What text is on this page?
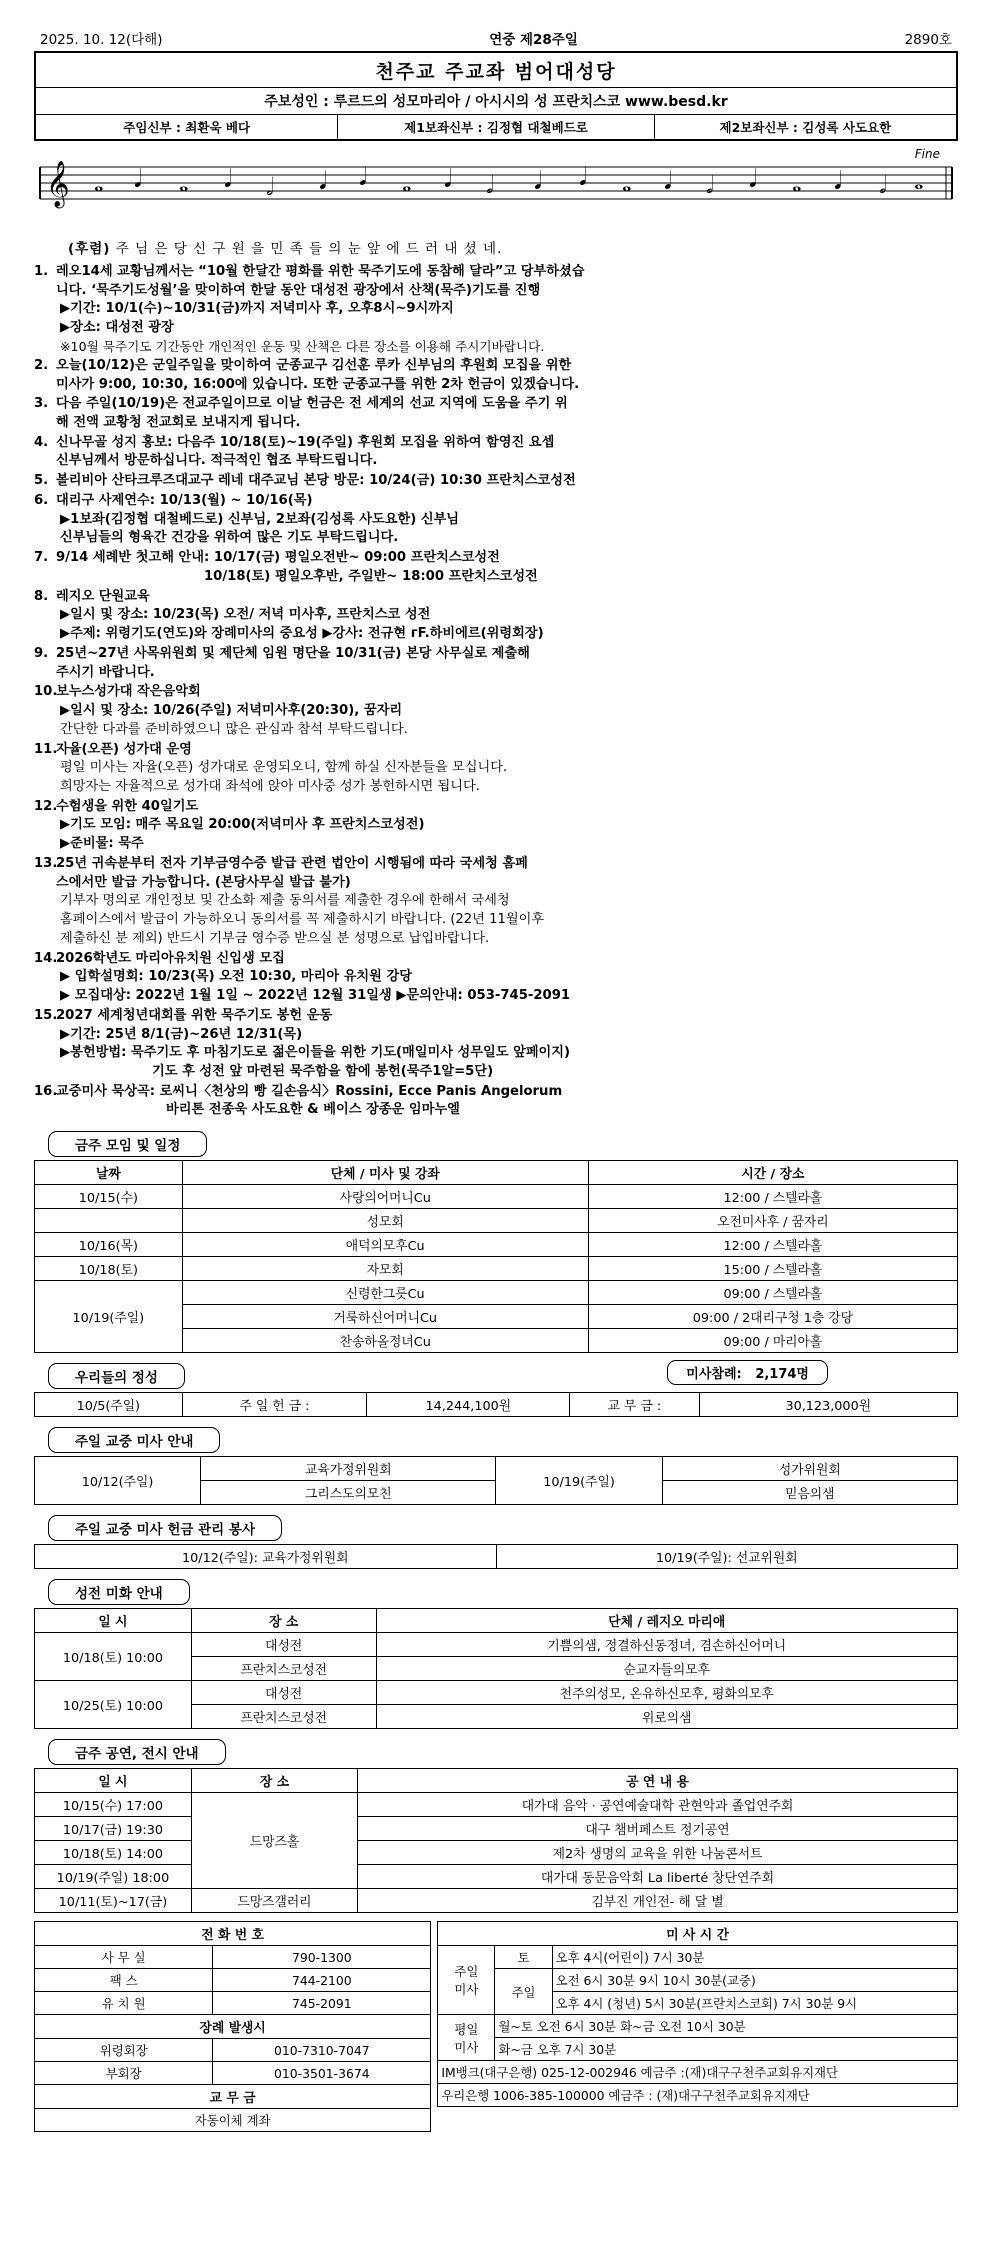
2025. 10. 12(다해)	연중 제28주일	2890호
천주교 주교좌 범어대성당
주보성인 : 루르드의 성모마리아 / 아시시의 성 프란치스코 www.besd.kr
주임신부 : 최환욱 베다	제1보좌신부 : 김정협 대철베드로	제2보좌신부 : 김성록 사도요한
Fine
𝄞 𝅝 𝅘𝅥 𝅝 𝅘𝅥 𝅗𝅥 𝅘𝅥 𝅘𝅥 𝅝 𝅘𝅥 𝅗𝅥 𝅘𝅥 𝅘𝅥 𝅝 𝅘𝅥 𝅗𝅥 𝅘𝅥 𝅝 𝅘𝅥 𝅗𝅥 𝅝
(후렴) 주 님 은 당 신 구 원 을 민 족 들 의 눈 앞 에 드 러 내 셨 네.
1. 레오14세 교황님께서는 “10월 한달간 평화를 위한 묵주기도에 동참해 달라”고 당부하셨습
니다. ‘묵주기도성월’을 맞이하여 한달 동안 대성전 광장에서 산책(묵주)기도를 진행
▶기간: 10/1(수)~10/31(금)까지 저녁미사 후, 오후8시~9시까지
▶장소: 대성전 광장
※10월 묵주기도 기간동안 개인적인 운동 및 산책은 다른 장소를 이용해 주시기바랍니다.
2. 오늘(10/12)은 군일주일을 맞이하여 군종교구 김선훈 루카 신부님의 후원회 모집을 위한
미사가 9:00, 10:30, 16:00에 있습니다. 또한 군종교구를 위한 2차 헌금이 있겠습니다.
3. 다음 주일(10/19)은 전교주일이므로 이날 헌금은 전 세계의 선교 지역에 도움을 주기 위
해 전액 교황청 전교회로 보내지게 됩니다.
4. 신나무골 성지 홍보: 다음주 10/18(토)~19(주일) 후원회 모집을 위하여 함영진 요셉
신부님께서 방문하십니다. 적극적인 협조 부탁드립니다.
5. 볼리비아 산타크루즈대교구 레네 대주교님 본당 방문: 10/24(금) 10:30 프란치스코성전
6. 대리구 사제연수: 10/13(월) ~ 10/16(목)
▶1보좌(김정협 대철베드로) 신부님, 2보좌(김성록 사도요한) 신부님
신부님들의 형육간 건강을 위하여 많은 기도 부탁드립니다.
7. 9/14 세례반 첫고해 안내: 10/17(금) 평일오전반~ 09:00 프란치스코성전
10/18(토) 평일오후반, 주일반~ 18:00 프란치스코성전
8. 레지오 단원교육
▶일시 및 장소: 10/23(목) 오전/ 저녁 미사후, 프란치스코 성전
▶주제: 위령기도(연도)와 장례미사의 중요성 ▶강사: 전규현 гF.하비에르(위령회장)
9. 25년~27년 사목위원회 및 제단체 임원 명단을 10/31(금) 본당 사무실로 제출해
주시기 바랍니다.
10.
보누스성가대 작은음악회
▶일시 및 장소: 10/26(주일) 저녁미사후(20:30), 꿈자리
간단한 다과를 준비하였으니 많은 관심과 참석 부탁드립니다.
11.
자율(오픈) 성가대 운영
평일 미사는 자율(오픈) 성가대로 운영되오니, 함께 하실 신자분들을 모십니다.
희망자는 자율적으로 성가대 좌석에 앉아 미사중 성가 봉헌하시면 됩니다.
12.
수험생을 위한 40일기도
▶기도 모임: 매주 목요일 20:00(저녁미사 후 프란치스코성전)
▶준비물: 묵주
13.
25년 귀속분부터 전자 기부금영수증 발급 관련 법안이 시행됨에 따라 국세청 홈페
스에서만 발급 가능합니다. (본당사무실 발급 불가)
기부자 명의로 개인정보 및 간소화 제출 동의서를 제출한 경우에 한해서 국세청
홈페이스에서 발급이 가능하오니 동의서를 꼭 제출하시기 바랍니다. (22년 11월이후
제출하신 분 제외) 반드시 기부금 영수증 받으실 분 성명으로 납입바랍니다.
14.
2026학년도 마리아유치원 신입생 모집
▶ 입학설명회: 10/23(목) 오전 10:30, 마리아 유치원 강당
▶ 모집대상: 2022년 1월 1일 ~ 2022년 12월 31일생 ▶문의안내: 053-745-2091
15.
2027 세계청년대회를 위한 묵주기도 봉헌 운동
▶기간: 25년 8/1(금)~26년 12/31(목)
▶봉헌방법: 묵주기도 후 마침기도로 젊은이들을 위한 기도(매일미사 성무일도 앞페이지)
기도 후 성전 앞 마련된 묵주함을 함에 봉헌(묵주1알=5단)
16.
교중미사 묵상곡: 로씨니〈천상의 빵 길손음식〉Rossini, Ecce Panis Angelorum
바리톤 전종욱 사도요한 & 베이스 장종운 임마누엘
금주 모임 및 일정
날짜	단체 / 미사 및 강좌	시간 / 장소
10/15(수)	사랑의어머니Cu	12:00 / 스텔라홀
	성모회	오전미사후 / 꿈자리
10/16(목)	애덕의모후Cu	12:00 / 스텔라홀
10/18(토)	자모회	15:00 / 스텔라홀
10/19(주일)	신령한그릇Cu	09:00 / 스텔라홀
	거룩하신어머니Cu	09:00 / 2대리구청 1층 강당
	찬송하올정녀Cu	09:00 / 마리아홀
우리들의 정성	미사참례: 2,174명
10/5(주일)	주 일 헌 금 :	14,244,100원	교 무 금 :	30,123,000원
주일 교중 미사 안내
10/12(주일)	교육가정위원회	10/19(주일)	성가위원회
	그리스도의모친		믿음의샘
주일 교중 미사 헌금 관리 봉사
10/12(주일): 교육가정위원회	10/19(주일): 선교위원회
성전 미화 안내
일 시	장 소	단체 / 레지오 마리애
10/18(토) 10:00	대성전	기쁨의샘, 정결하신동정녀, 겸손하신어머니
	프란치스코성전	순교자들의모후
10/25(토) 10:00	대성전	천주의성모, 온유하신모후, 평화의모후
	프란치스코성전	위로의샘
금주 공연, 전시 안내
일 시	장 소	공 연 내 용
10/15(수) 17:00	드망즈홀	대가대 음악 · 공연예술대학 관현악과 졸업연주회
10/17(금) 19:30		대구 챔버페스트 정기공연
10/18(토) 14:00		제2차 생명의 교육을 위한 나눔콘서트
10/19(주일) 18:00		대가대 동문음악회 La liberté 창단연주회
10/11(토)~17(금)	드망즈갤러리	김부진 개인전- 해 달 별
전 화 번 호	
사 무 실	790-1300
팩 스	744-2100
유 치 원	745-2091
장례 발생시	
위령회장	010-7310-7047
부회장	010-3501-3674
교 무 금	
자동이체 계좌	
미 사 시 간		
주일
미사	토	오후 4시(어린이) 7시 30분
	주일	오전 6시 30분 9시 10시 30분(교중)
		오후 4시 (청년) 5시 30분(프란치스코회) 7시 30분 9시
평일
미사	월~토 오전 6시 30분 화~금 오전 10시 30분	
	화~금 오후 7시 30분	
IM뱅크(대구은행) 025-12-002946 예금주 :(재)대구구천주교회유지재단		
우리은행 1006-385-100000 예금주 : (재)대구구천주교회유지재단		
